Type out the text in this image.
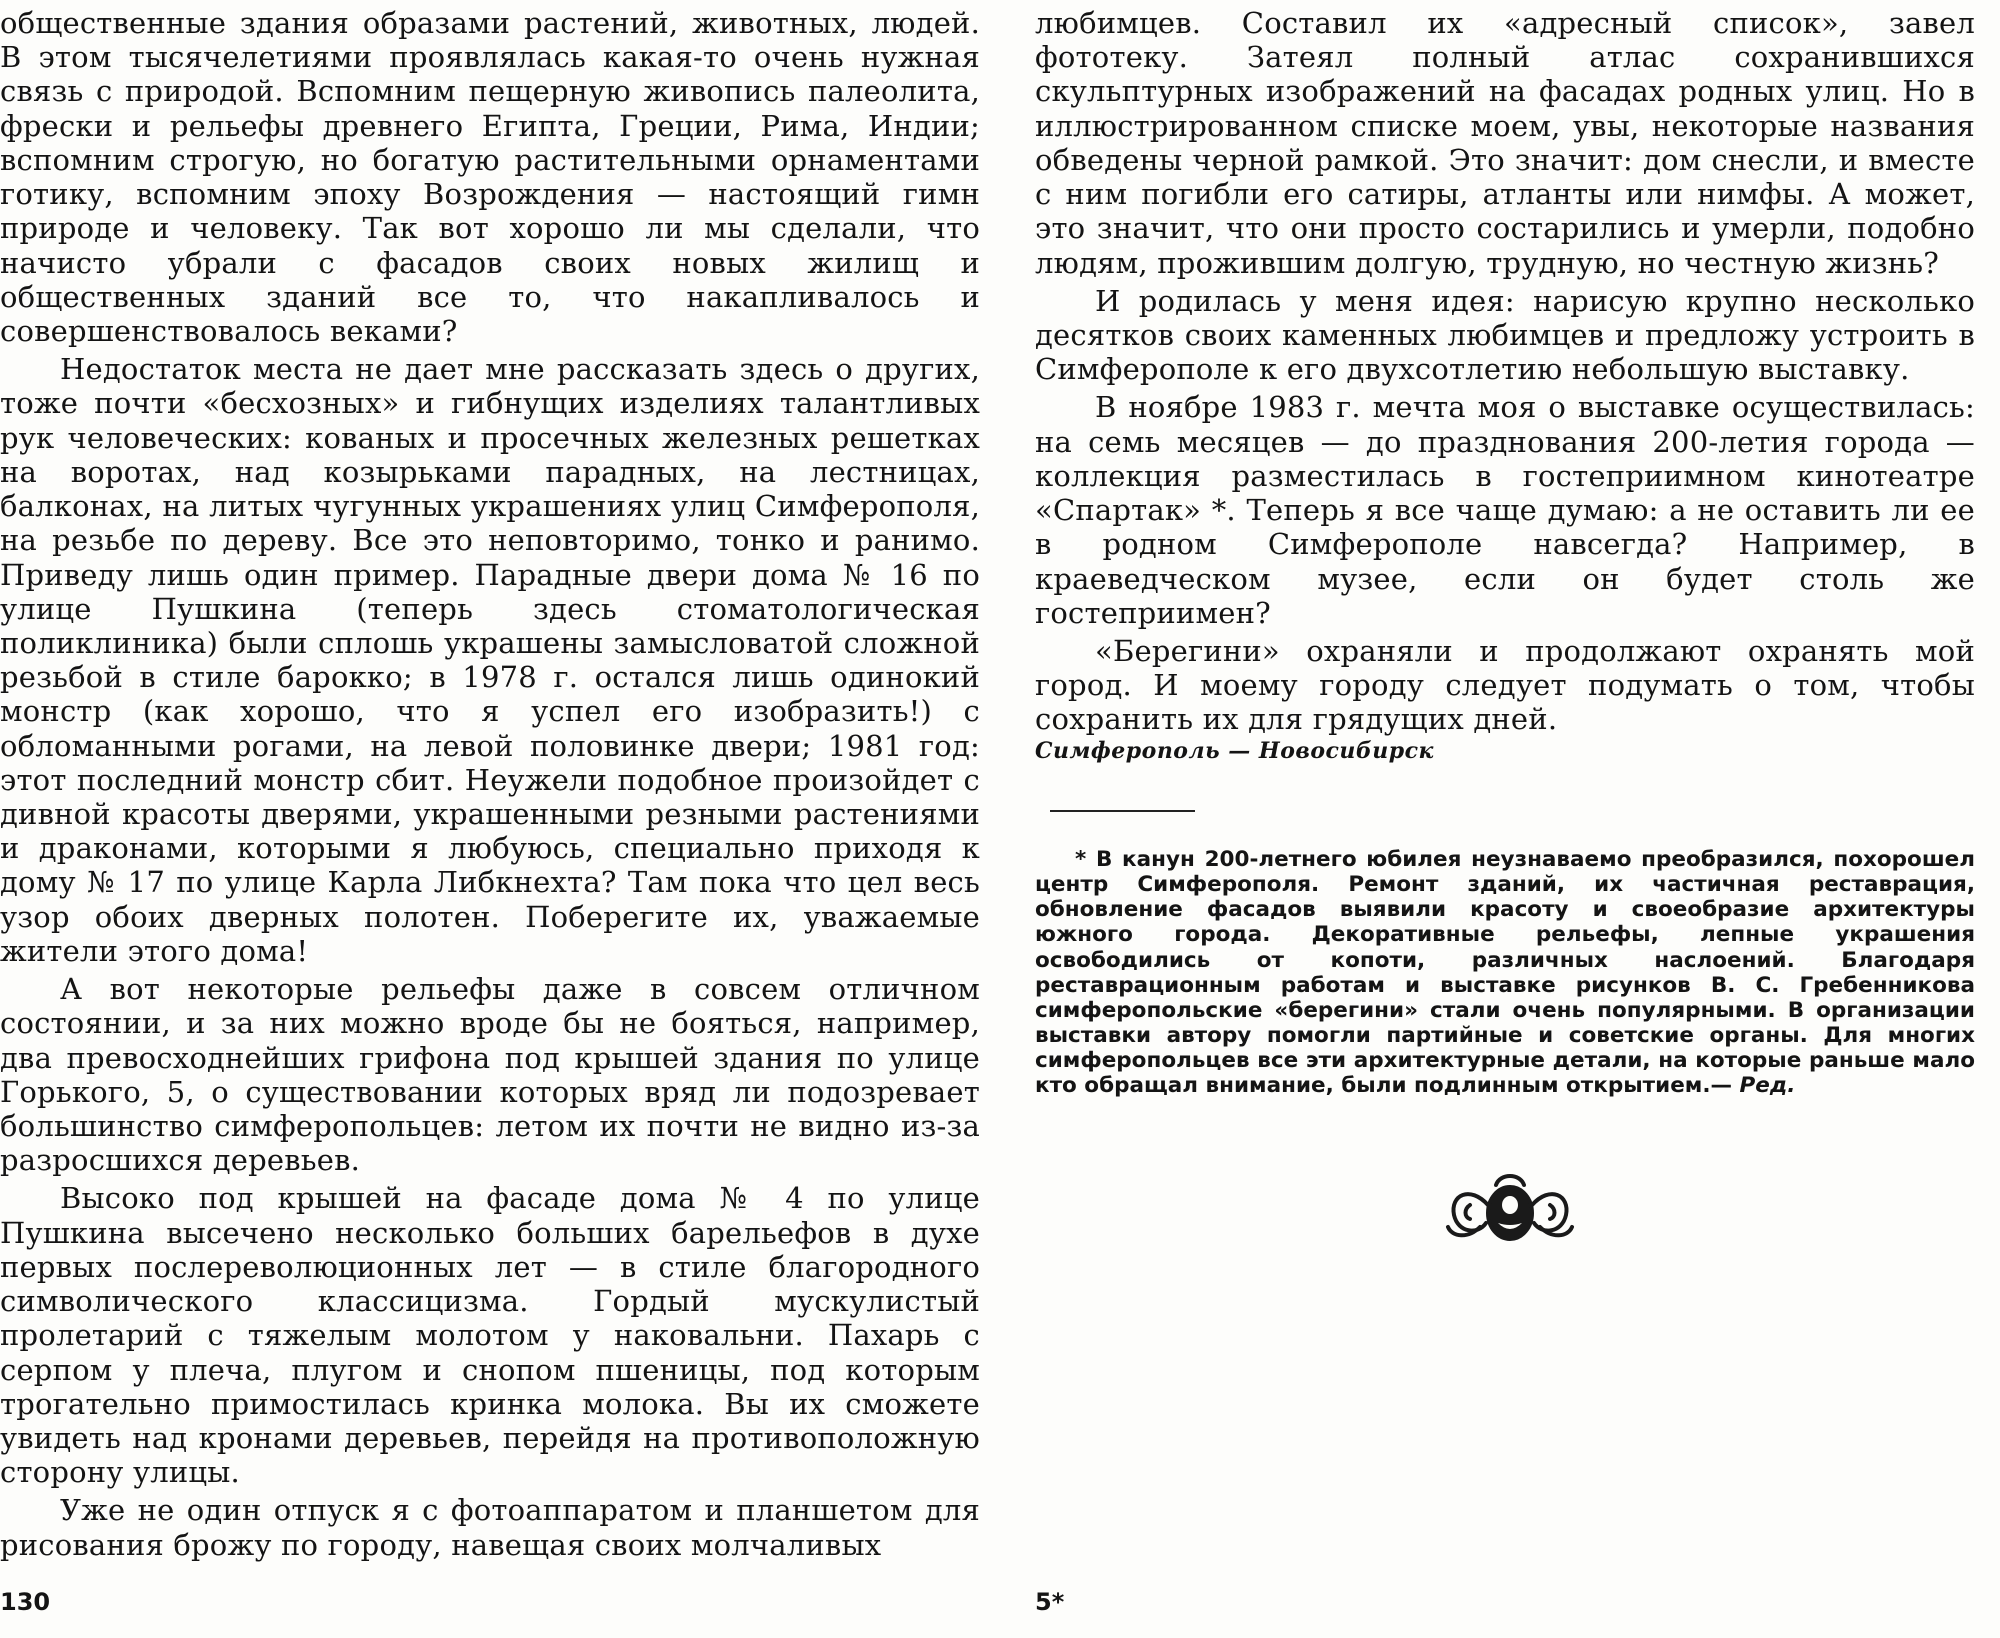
общественные здания образами растений, животных, людей. В этом тысячелетиями проявлялась какая-то очень нужная связь с природой. Вспомним пещерную живопись палеолита, фрески и рельефы древнего Египта, Греции, Рима, Индии; вспомним строгую, но богатую растительными орнаментами готику, вспомним эпоху Возрождения — настоящий гимн природе и человеку. Так вот хорошо ли мы сделали, что начисто убрали с фасадов своих новых жилищ и общественных зданий все то, что накапливалось и совершенствовалось веками?

Недостаток места не дает мне рассказать здесь о других, тоже почти «бесхозных» и гибнущих изделиях талантливых рук человеческих: кованых и просечных железных решетках на воротах, над козырьками парадных, на лестницах, балконах, на литых чугунных украшениях улиц Симферополя, на резьбе по дереву. Все это неповторимо, тонко и ранимо. Приведу лишь один пример. Парадные двери дома № 16 по улице Пушкина (теперь здесь стоматологическая поликлиника) были сплошь украшены замысловатой сложной резьбой в стиле барокко; в 1978 г. остался лишь одинокий монстр (как хорошо, что я успел его изобразить!) с обломанными рогами, на левой половинке двери; 1981 год: этот последний монстр сбит. Неужели подобное произойдет с дивной красоты дверями, украшенными резными растениями и драконами, которыми я любуюсь, специально приходя к дому № 17 по улице Карла Либкнехта? Там пока что цел весь узор обоих дверных полотен. Поберегите их, уважаемые жители этого дома!

А вот некоторые рельефы даже в совсем отличном состоянии, и за них можно вроде бы не бояться, например, два превосходнейших грифона под крышей здания по улице Горького, 5, о существовании которых вряд ли подозревает большинство симферопольцев: летом их почти не видно из-за разросшихся деревьев.

Высоко под крышей на фасаде дома № 4 по улице Пушкина высечено несколько больших барельефов в духе первых послереволюционных лет — в стиле благородного символического классицизма. Гордый мускулистый пролетарий с тяжелым молотом у наковальни. Пахарь с серпом у плеча, плугом и снопом пшеницы, под которым трогательно примостилась кринка молока. Вы их сможете увидеть над кронами деревьев, перейдя на противоположную сторону улицы.

Уже не один отпуск я с фотоаппаратом и планшетом для рисования брожу по городу, навещая своих молчаливых

любимцев. Составил их «адресный список», завел фототеку. Затеял полный атлас сохранившихся скульптурных изображений на фасадах родных улиц. Но в иллюстрированном списке моем, увы, некоторые названия обведены черной рамкой. Это значит: дом снесли, и вместе с ним погибли его сатиры, атланты или нимфы. А может, это значит, что они просто состарились и умерли, подобно людям, прожившим долгую, трудную, но честную жизнь?

И родилась у меня идея: нарисую крупно несколько десятков своих каменных любимцев и предложу устроить в Симферополе к его двухсотлетию небольшую выставку.

В ноябре 1983 г. мечта моя о выставке осуществилась: на семь месяцев — до празднования 200-летия города — коллекция разместилась в гостеприимном кинотеатре «Спартак» *. Теперь я все чаще думаю: а не оставить ли ее в родном Симферополе навсегда? Например, в краеведческом музее, если он будет столь же гостеприимен?

«Берегини» охраняли и продолжают охранять мой город. И моему городу следует подумать о том, чтобы сохранить их для грядущих дней.

Симферополь — Новосибирск

* В канун 200-летнего юбилея неузнаваемо преобразился, похорошел центр Симферополя. Ремонт зданий, их частичная реставрация, обновление фасадов выявили красоту и своеобразие архитектуры южного города. Декоративные рельефы, лепные украшения освободились от копоти, различных наслоений. Благодаря реставрационным работам и выставке рисунков В. С. Гребенникова симферопольские «берегини» стали очень популярными. В организации выставки автору помогли партийные и советские органы. Для многих симферопольцев все эти архитектурные детали, на которые раньше мало кто обращал внимание, были подлинным открытием.— Ред.

130	5*
